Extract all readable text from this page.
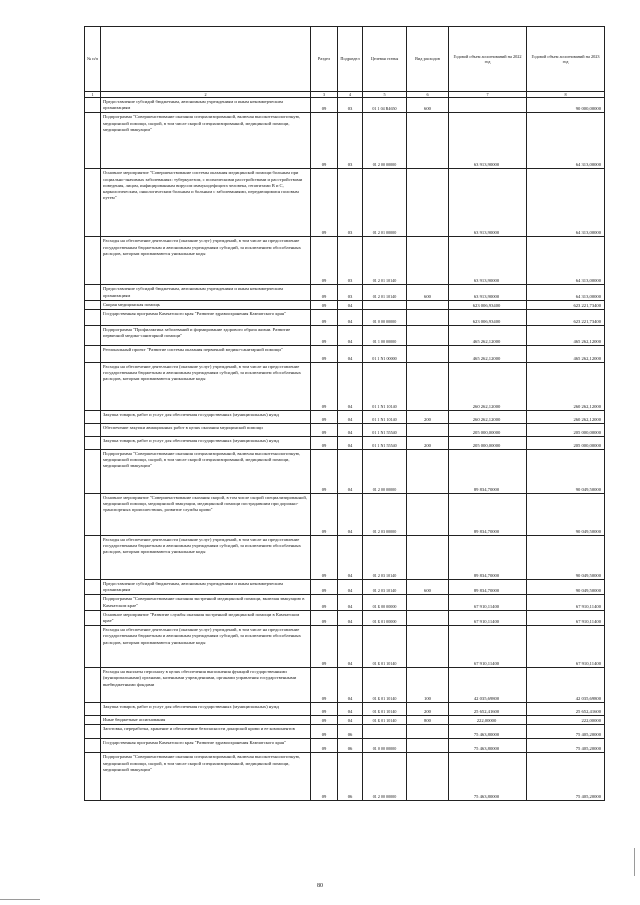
№ п/п		Раздел	Подраздел	Целевая статья	Вид расходов	Годовой объем ассигнований на 2022 год	Годовой объем ассигнований на 2023 год
1	2	3	4	5	6	7	8
	Предоставление субсидий бюджетным, автономным учреждениям и иным некоммерческим организациям	09	03	01 1 04 R4650	600		90 000,00000
	Подпрограмма "Совершенствование оказания специализированной, включая высокотехнологичную, медицинской помощи, скорой, в том числе скорой специализированной, медицинской помощи, медицинской эвакуации"	09	03	01 2 00 00000		63 913,90000	64 313,00000
	Основное мероприятие "Совершенствование системы оказания медицинской помощи больным при социально-значимых заболеваниях: туберкулезом, с психическими расстройствами и расстройствами поведения, лицам, инфицированным вирусом иммунодефицита человека, гепатитами В и С, наркологическим, онкологическим больным и больным с заболеваниями, передающимися половым путем"	09	03	01 2 01 00000		63 913,90000	64 313,00000
	Расходы на обеспечение деятельности (оказание услуг) учреждений, в том числе на предоставление государственным бюджетным и автономным учреждениям субсидий, за исключением обособленных расходов, которым присваиваются уникальные коды	09	03	01 2 01 10140		63 913,90000	64 313,00000
	Предоставление субсидий бюджетным, автономным учреждениям и иным некоммерческим организациям	09	03	01 2 01 10140	600	63 913,90000	64 313,00000
	Скорая медицинская помощь	09	04			623 006,93400	623 221,73400
	Государственная программа Камчатского края "Развитие здравоохранения Камчатского края"	09	04	01 0 00 00000		623 006,93400	623 221,73400
	Подпрограмма "Профилактика заболеваний и формирование здорового образа жизни. Развитие первичной медико-санитарной помощи"	09	04	01 1 00 00000		465 262,12000	465 262,12000
	Региональный проект "Развитие системы оказания первичной медико-санитарной помощи"	09	04	01 1 N1 00000		465 262,12000	465 262,12000
	Расходы на обеспечение деятельности (оказание услуг) учреждений, в том числе на предоставление государственным бюджетным и автономным учреждениям субсидий, за исключением обособленных расходов, которым присваиваются уникальные коды	09	04	01 1 N1 10140		260 262,12000	260 262,12000
	Закупка товаров, работ и услуг для обеспечения государственных (муниципальных) нужд	09	04	01 1 N1 10140	200	260 262,12000	260 262,12000
	Обеспечение закупки авиационных работ в целях оказания медицинской помощи	09	04	01 1 N1 55540		205 000,00000	205 000,00000
	Закупка товаров, работ и услуг для обеспечения государственных (муниципальных) нужд	09	04	01 1 N1 55540	200	205 000,00000	205 000,00000
	Подпрограмма "Совершенствование оказания специализированной, включая высокотехнологичную, медицинской помощи, скорой, в том числе скорой специализированной, медицинской помощи, медицинской эвакуации"	09	04	01 2 00 00000		89 834,70000	90 049,50000
	Основное мероприятие "Совершенствование оказания скорой, в том числе скорой специализированной, медицинской помощи, медицинской эвакуации, медицинской помощи пострадавшим при дорожно-транспортных происшествиях, развитие службы крови"	09	04	01 2 03 00000		89 834,70000	90 049,50000
	Расходы на обеспечение деятельности (оказание услуг) учреждений, в том числе на предоставление государственным бюджетным и автономным учреждениям субсидий, за исключением обособленных расходов, которым присваиваются уникальные коды	09	04	01 2 03 10140		89 834,70000	90 049,50000
	Предоставление субсидий бюджетным, автономным учреждениям и иным некоммерческим организациям	09	04	01 2 03 10140	600	89 834,70000	90 049,50000
	Подпрограмма "Совершенствование оказания экстренной медицинской помощи, включая эвакуацию в Камчатском крае"	09	04	01 Б 00 00000		67 910,11400	67 910,11400
	Основное мероприятие "Развитие службы оказания экстренной медицинской помощи в Камчатском крае"	09	04	01 Б 01 00000		67 910,11400	67 910,11400
	Расходы на обеспечение деятельности (оказание услуг) учреждений, в том числе на предоставление государственным бюджетным и автономным учреждениям субсидий, за исключением обособленных расходов, которым присваиваются уникальные коды	09	04	01 Б 01 10140		67 910,11400	67 910,11400
	Расходы на выплаты персоналу в целях обеспечения выполнения функций государственными (муниципальными) органами, казенными учреждениями, органами управления государственными внебюджетными фондами	09	04	01 Б 01 10140	100	42 035,69800	42 035,69800
	Закупка товаров, работ и услуг для обеспечения государственных (муниципальных) нужд	09	04	01 Б 01 10140	200	25 652,41600	25 652,41600
	Иные бюджетные ассигнования	09	04	01 Б 01 10140	800	222,00000	222,00000
	Заготовка, переработка, хранение и обеспечение безопасности донорской крови и ее компонентов	09	06			75 463,80000	75 405,20000
	Государственная программа Камчатского края "Развитие здравоохранения Камчатского края"	09	06	01 0 00 00000		75 463,80000	75 405,20000
	Подпрограмма "Совершенствование оказания специализированной, включая высокотехнологичную, медицинской помощи, скорой, в том числе скорой специализированной, медицинской помощи, медицинской эвакуации"	09	06	01 2 00 00000		75 463,80000	75 405,20000
80
